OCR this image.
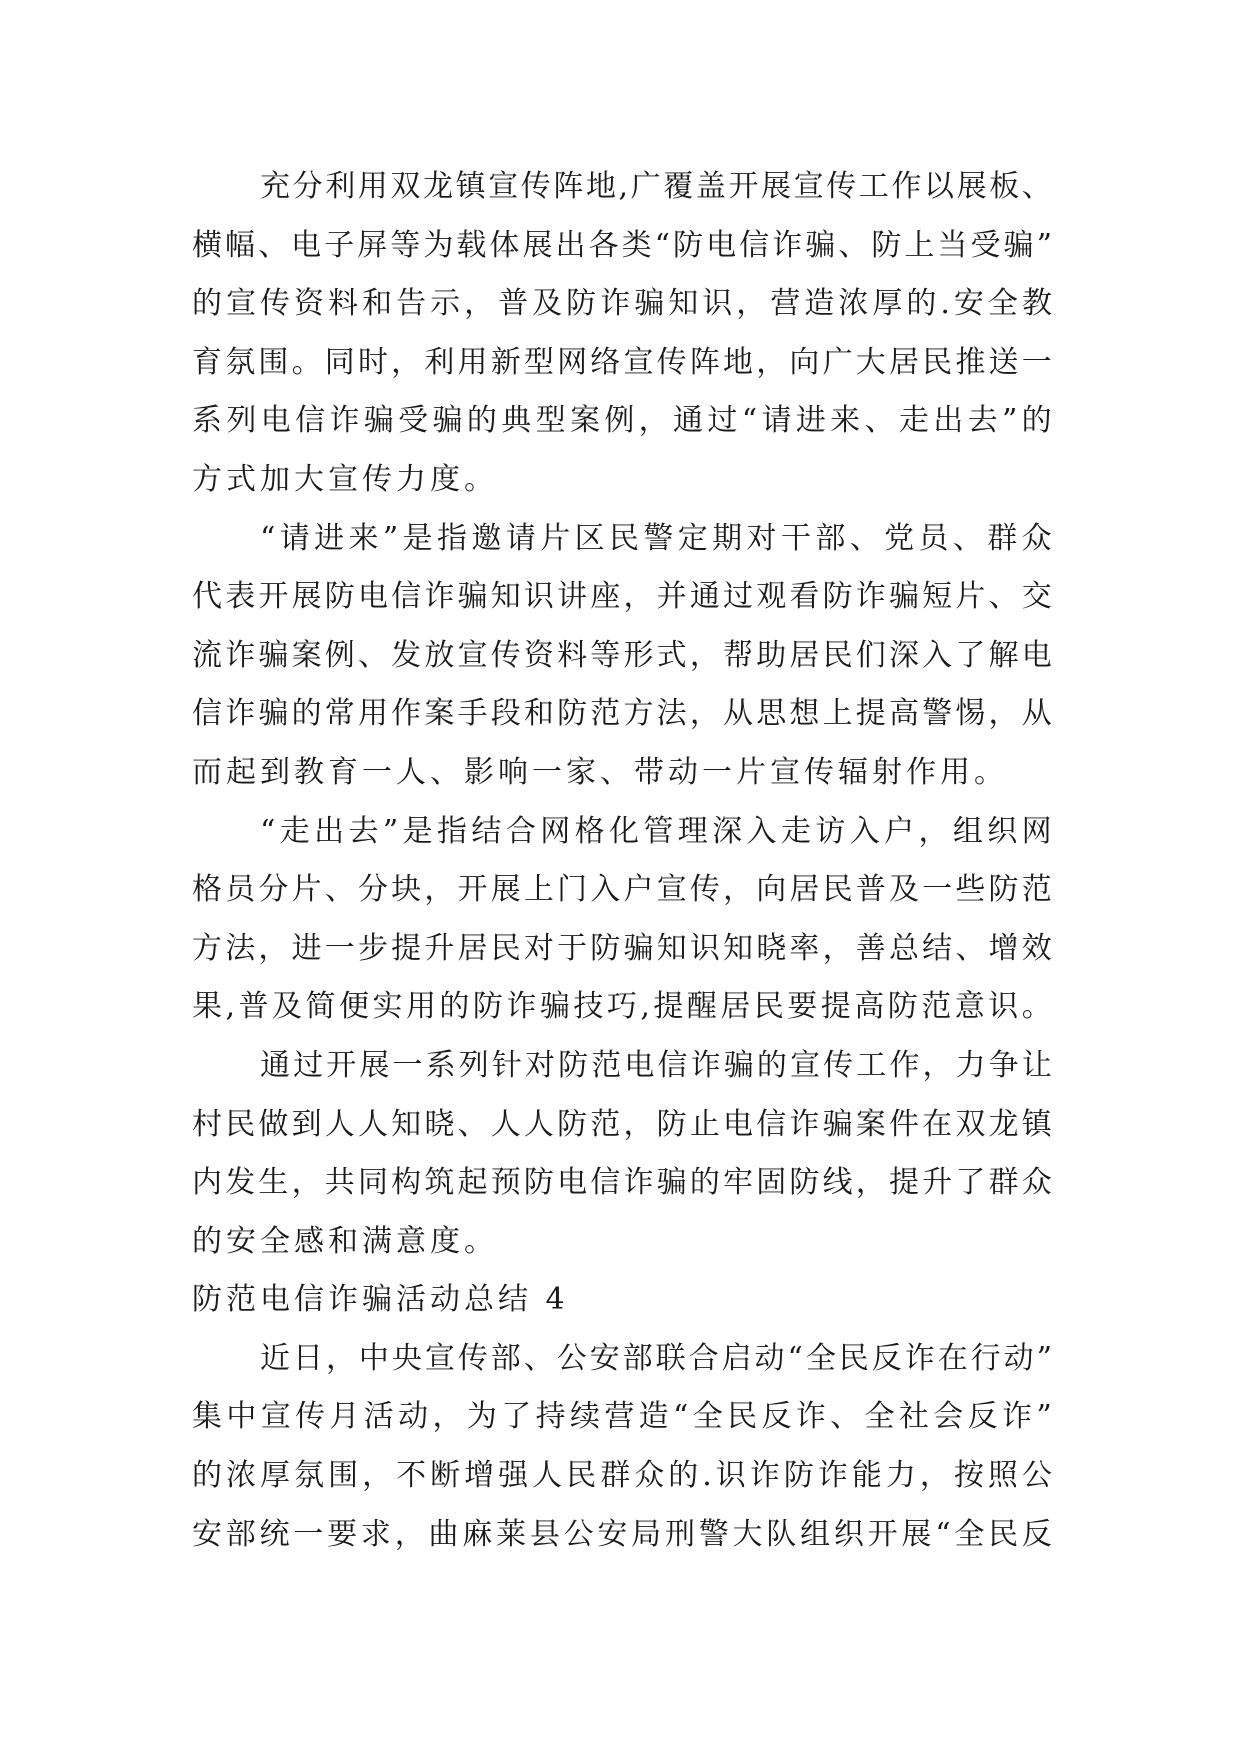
充 分 利 用 双 龙 镇 宣 传 阵 地 , 广 覆 盖 开 展 宣 传 工 作 以 展 板 、
横 幅 、 电 子 屏 等 为 载 体 展 出 各 类 “ 防 电 信 诈 骗 、 防 上 当 受 骗 ”
的 宣 传 资 料 和 告 示 ， 普 及 防 诈 骗 知 识 ， 营 造 浓 厚 的 . 安 全 教
育 氛 围 。 同 时 ， 利 用 新 型 网 络 宣 传 阵 地 ， 向 广 大 居 民 推 送 一
系 列 电 信 诈 骗 受 骗 的 典 型 案 例 ， 通 过 “ 请 进 来 、 走 出 去 ” 的
方 式 加 大 宣 传 力 度 。
“ 请 进 来 ” 是 指 邀 请 片 区 民 警 定 期 对 干 部 、 党 员 、 群 众
代 表 开 展 防 电 信 诈 骗 知 识 讲 座 ， 并 通 过 观 看 防 诈 骗 短 片 、 交
流 诈 骗 案 例 、 发 放 宣 传 资 料 等 形 式 ， 帮 助 居 民 们 深 入 了 解 电
信 诈 骗 的 常 用 作 案 手 段 和 防 范 方 法 ， 从 思 想 上 提 高 警 惕 ， 从
而 起 到 教 育 一 人 、 影 响 一 家 、 带 动 一 片 宣 传 辐 射 作 用 。
“ 走 出 去 ” 是 指 结 合 网 格 化 管 理 深 入 走 访 入 户 ， 组 织 网
格 员 分 片 、 分 块 ， 开 展 上 门 入 户 宣 传 ， 向 居 民 普 及 一 些 防 范
方 法 ， 进 一 步 提 升 居 民 对 于 防 骗 知 识 知 晓 率 ， 善 总 结 、 增 效
果 , 普 及 简 便 实 用 的 防 诈 骗 技 巧 , 提 醒 居 民 要 提 高 防 范 意 识 。
通 过 开 展 一 系 列 针 对 防 范 电 信 诈 骗 的 宣 传 工 作 ， 力 争 让
村 民 做 到 人 人 知 晓 、 人 人 防 范 ， 防 止 电 信 诈 骗 案 件 在 双 龙 镇
内 发 生 ， 共 同 构 筑 起 预 防 电 信 诈 骗 的 牢 固 防 线 ， 提 升 了 群 众
的 安 全 感 和 满 意 度 。
防 范 电 信 诈 骗 活 动 总 结
4
近 日 ， 中 央 宣 传 部 、 公 安 部 联 合 启 动 “ 全 民 反 诈 在 行 动 ”
集 中 宣 传 月 活 动 ， 为 了 持 续 营 造 “ 全 民 反 诈 、 全 社 会 反 诈 ”
的 浓 厚 氛 围 ， 不 断 增 强 人 民 群 众 的 . 识 诈 防 诈 能 力 ， 按 照 公
安 部 统 一 要 求 ， 曲 麻 莱 县 公 安 局 刑 警 大 队 组 织 开 展 “ 全 民 反
